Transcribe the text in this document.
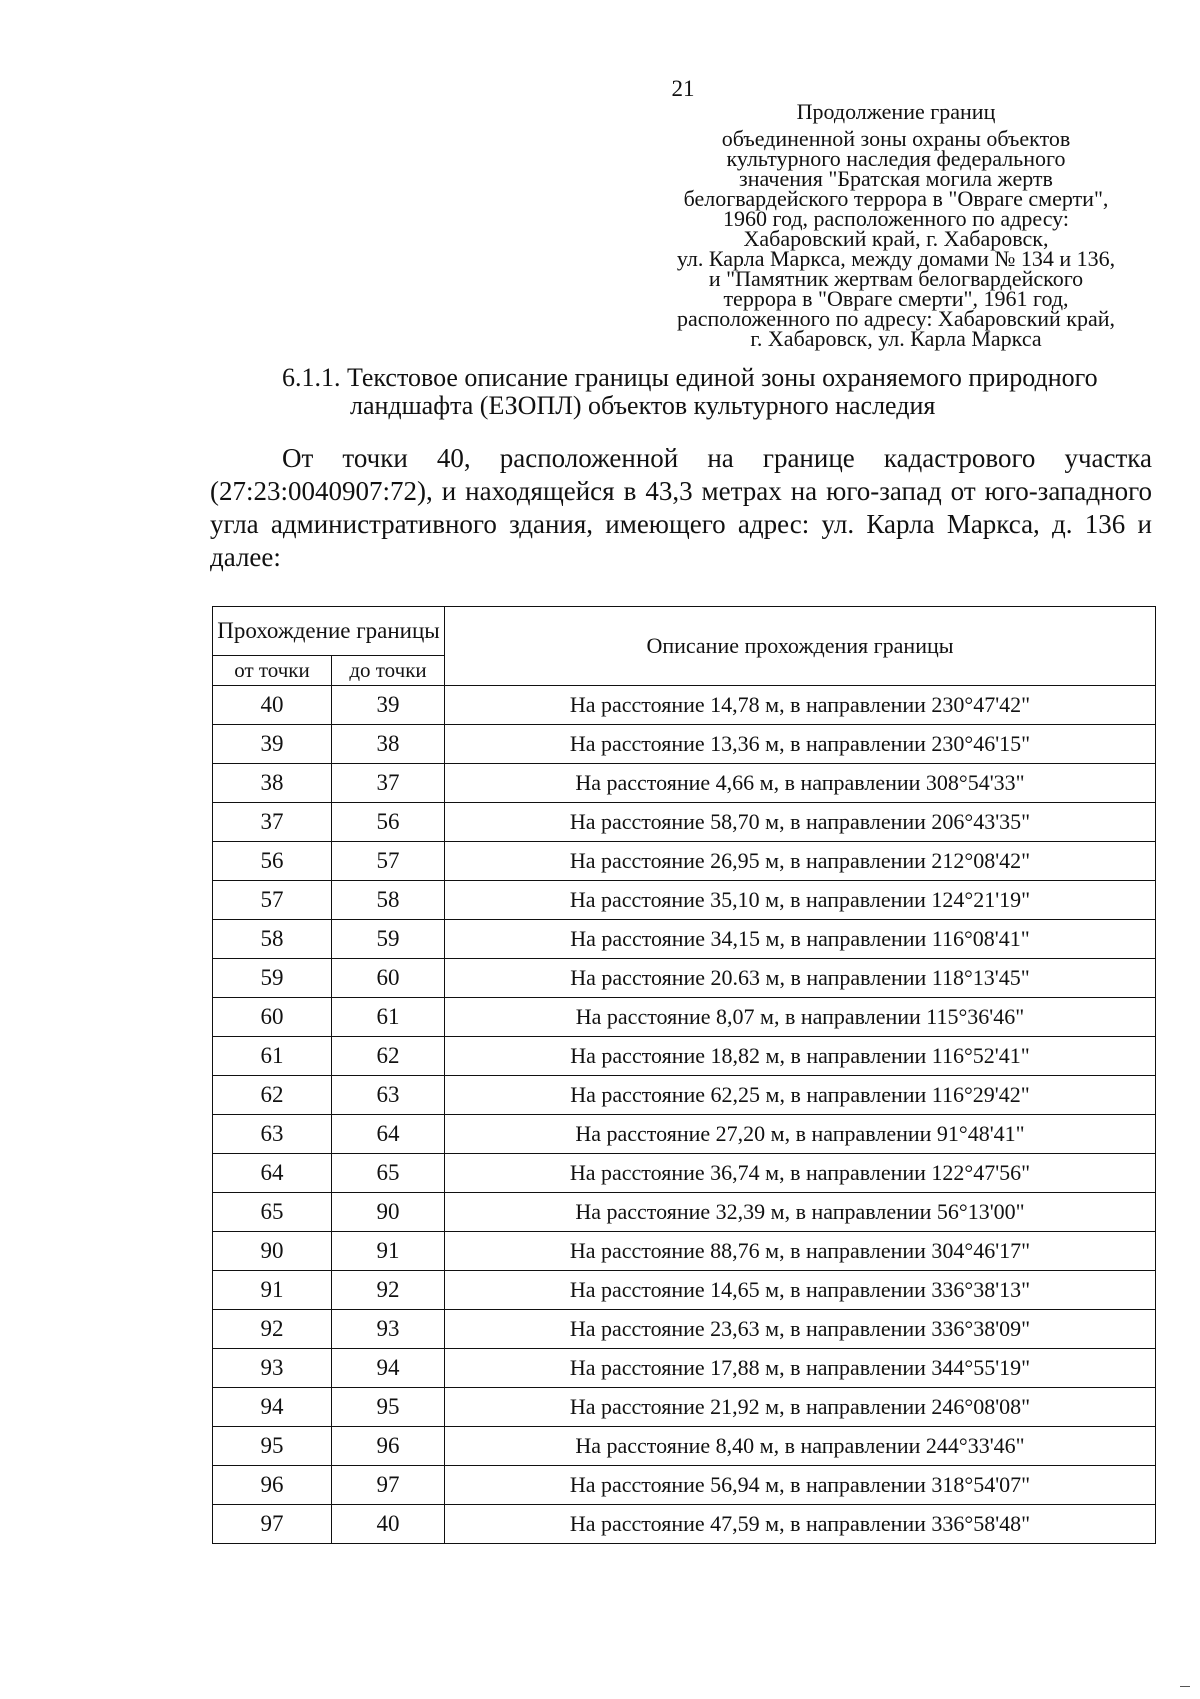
21
Продолжение границ
объединенной зоны охраны объектов
культурного наследия федерального
значения "Братская могила жертв
белогвардейского террора в "Овраге смерти",
1960 год, расположенного по адресу:
Хабаровский край, г. Хабаровск,
ул. Карла Маркса, между домами № 134 и 136,
и "Памятник жертвам белогвардейского
террора в "Овраге смерти", 1961 год,
расположенного по адресу: Хабаровский край,
г. Хабаровск, ул. Карла Маркса
6.1.1. Текстовое описание границы единой зоны охраняемого природного
ландшафта (ЕЗОПЛ) объектов культурного наследия
От точки 40, расположенной на границе кадастрового участка (27:23:0040907:72), и находящейся в 43,3 метрах на юго-запад от юго-западного угла административного здания, имеющего адрес: ул. Карла Маркса, д. 136 и далее:
Прохождение границы		Описание прохождения границы
от точки	до точки	
40	39	На расстояние 14,78 м, в направлении 230°47'42"
39	38	На расстояние 13,36 м, в направлении 230°46'15"
38	37	На расстояние 4,66 м, в направлении 308°54'33"
37	56	На расстояние 58,70 м, в направлении 206°43'35"
56	57	На расстояние 26,95 м, в направлении 212°08'42"
57	58	На расстояние 35,10 м, в направлении 124°21'19"
58	59	На расстояние 34,15 м, в направлении 116°08'41"
59	60	На расстояние 20.63 м, в направлении 118°13'45"
60	61	На расстояние 8,07 м, в направлении 115°36'46"
61	62	На расстояние 18,82 м, в направлении 116°52'41"
62	63	На расстояние 62,25 м, в направлении 116°29'42"
63	64	На расстояние 27,20 м, в направлении 91°48'41"
64	65	На расстояние 36,74 м, в направлении 122°47'56"
65	90	На расстояние 32,39 м, в направлении 56°13'00"
90	91	На расстояние 88,76 м, в направлении 304°46'17"
91	92	На расстояние 14,65 м, в направлении 336°38'13"
92	93	На расстояние 23,63 м, в направлении 336°38'09"
93	94	На расстояние 17,88 м, в направлении 344°55'19"
94	95	На расстояние 21,92 м, в направлении 246°08'08"
95	96	На расстояние 8,40 м, в направлении 244°33'46"
96	97	На расстояние 56,94 м, в направлении 318°54'07"
97	40	На расстояние 47,59 м, в направлении 336°58'48"
